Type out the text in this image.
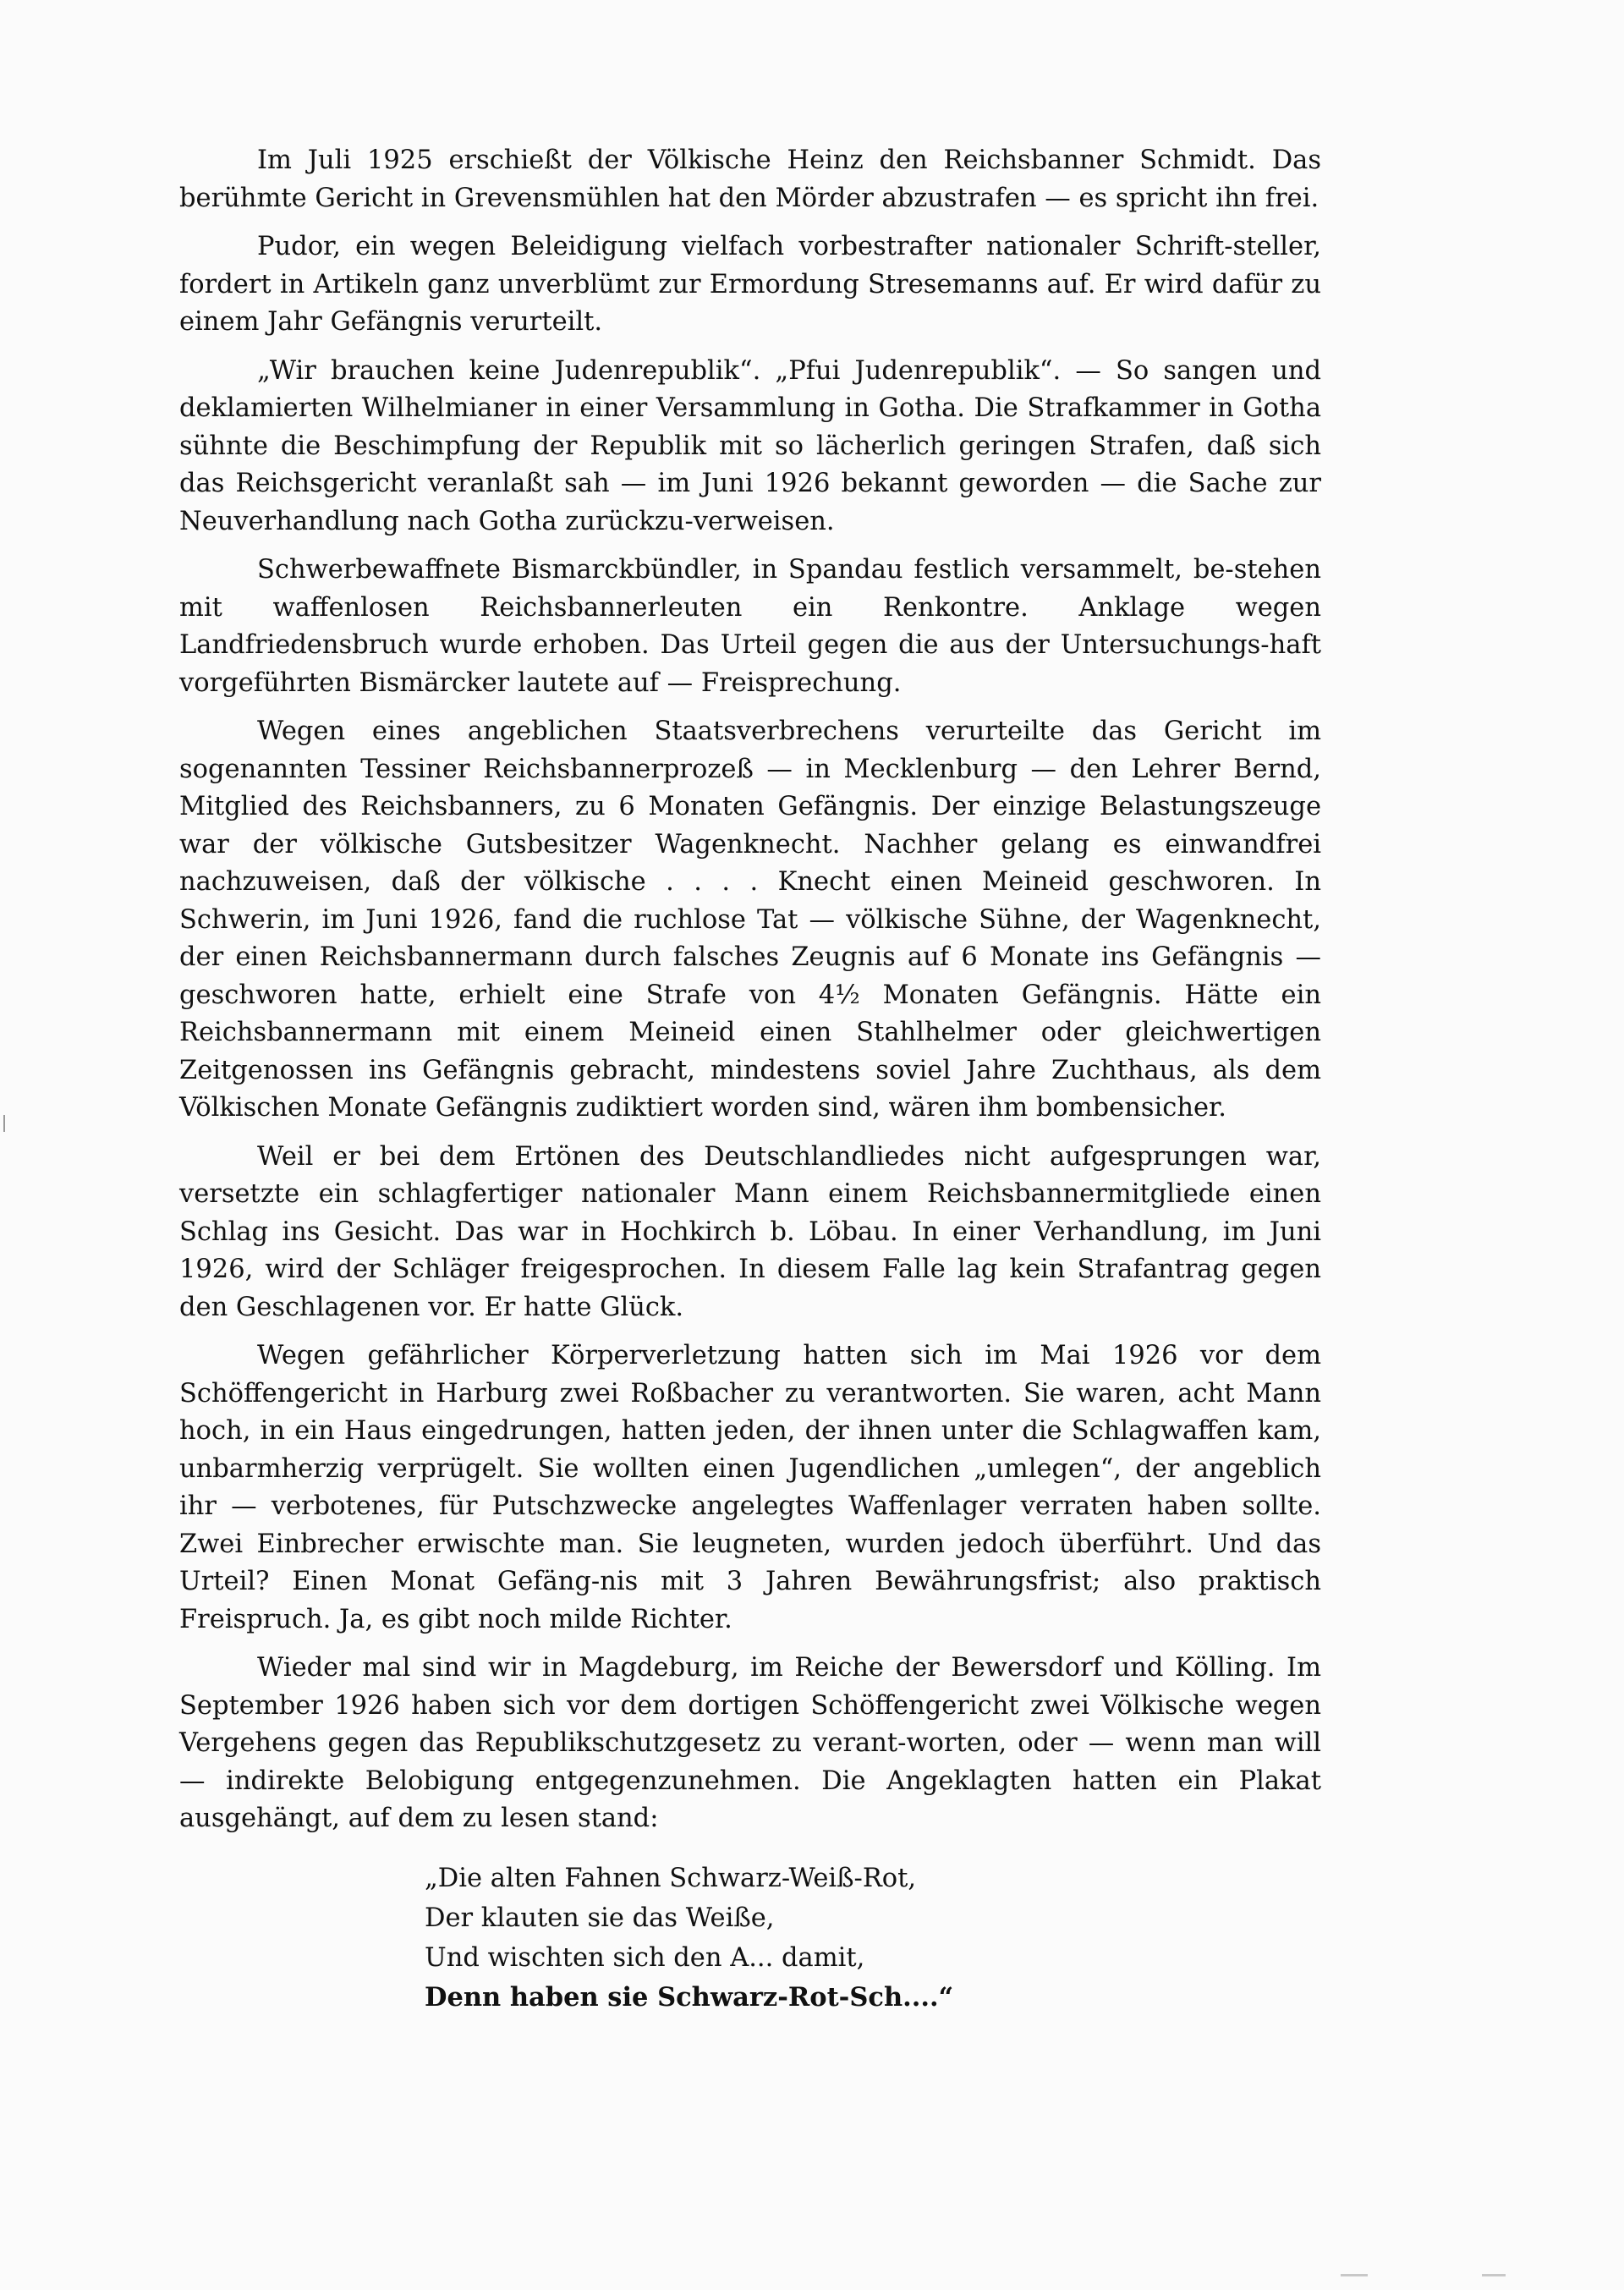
Im Juli 1925 erschießt der Völkische Heinz den Reichsbanner Schmidt. Das berühmte Gericht in Grevensmühlen hat den Mörder abzustrafen — es spricht ihn frei.

Pudor, ein wegen Beleidigung vielfach vorbestrafter nationaler Schrift-steller, fordert in Artikeln ganz unverblümt zur Ermordung Stresemanns auf. Er wird dafür zu einem Jahr Gefängnis verurteilt.

„Wir brauchen keine Judenrepublik“. „Pfui Judenrepublik“. — So sangen und deklamierten Wilhelmianer in einer Versammlung in Gotha. Die Strafkammer in Gotha sühnte die Beschimpfung der Republik mit so lächerlich geringen Strafen, daß sich das Reichsgericht veranlaßt sah — im Juni 1926 bekannt geworden — die Sache zur Neuverhandlung nach Gotha zurückzu-verweisen.

Schwerbewaffnete Bismarckbündler, in Spandau festlich versammelt, be-stehen mit waffenlosen Reichsbannerleuten ein Renkontre. Anklage wegen Landfriedensbruch wurde erhoben. Das Urteil gegen die aus der Untersuchungs-haft vorgeführten Bismärcker lautete auf — Freisprechung.

Wegen eines angeblichen Staatsverbrechens verurteilte das Gericht im sogenannten Tessiner Reichsbannerprozeß — in Mecklenburg — den Lehrer Bernd, Mitglied des Reichsbanners, zu 6 Monaten Gefängnis. Der einzige Belastungszeuge war der völkische Gutsbesitzer Wagenknecht. Nachher gelang es einwandfrei nachzuweisen, daß der völkische . . . . Knecht einen Meineid geschworen. In Schwerin, im Juni 1926, fand die ruchlose Tat — völkische Sühne, der Wagenknecht, der einen Reichsbannermann durch falsches Zeugnis auf 6 Monate ins Gefängnis — geschworen hatte, erhielt eine Strafe von 4½ Monaten Gefängnis. Hätte ein Reichsbannermann mit einem Meineid einen Stahlhelmer oder gleichwertigen Zeitgenossen ins Gefängnis gebracht, mindestens soviel Jahre Zuchthaus, als dem Völkischen Monate Gefängnis zudiktiert worden sind, wären ihm bombensicher.

Weil er bei dem Ertönen des Deutschlandliedes nicht aufgesprungen war, versetzte ein schlagfertiger nationaler Mann einem Reichsbannermitgliede einen Schlag ins Gesicht. Das war in Hochkirch b. Löbau. In einer Verhandlung, im Juni 1926, wird der Schläger freigesprochen. In diesem Falle lag kein Strafantrag gegen den Geschlagenen vor. Er hatte Glück.

Wegen gefährlicher Körperverletzung hatten sich im Mai 1926 vor dem Schöffengericht in Harburg zwei Roßbacher zu verantworten. Sie waren, acht Mann hoch, in ein Haus eingedrungen, hatten jeden, der ihnen unter die Schlagwaffen kam, unbarmherzig verprügelt. Sie wollten einen Jugendlichen „umlegen“, der angeblich ihr — verbotenes, für Putschzwecke angelegtes Waffenlager verraten haben sollte. Zwei Einbrecher erwischte man. Sie leugneten, wurden jedoch überführt. Und das Urteil? Einen Monat Gefäng-nis mit 3 Jahren Bewährungsfrist; also praktisch Freispruch. Ja, es gibt noch milde Richter.

Wieder mal sind wir in Magdeburg, im Reiche der Bewersdorf und Kölling. Im September 1926 haben sich vor dem dortigen Schöffengericht zwei Völkische wegen Vergehens gegen das Republikschutzgesetz zu verant-worten, oder — wenn man will — indirekte Belobigung entgegenzunehmen. Die Angeklagten hatten ein Plakat ausgehängt, auf dem zu lesen stand:

„Die alten Fahnen Schwarz-Weiß-Rot,
Der klauten sie das Weiße,
Und wischten sich den A... damit,
Denn haben sie Schwarz-Rot-Sch....“
